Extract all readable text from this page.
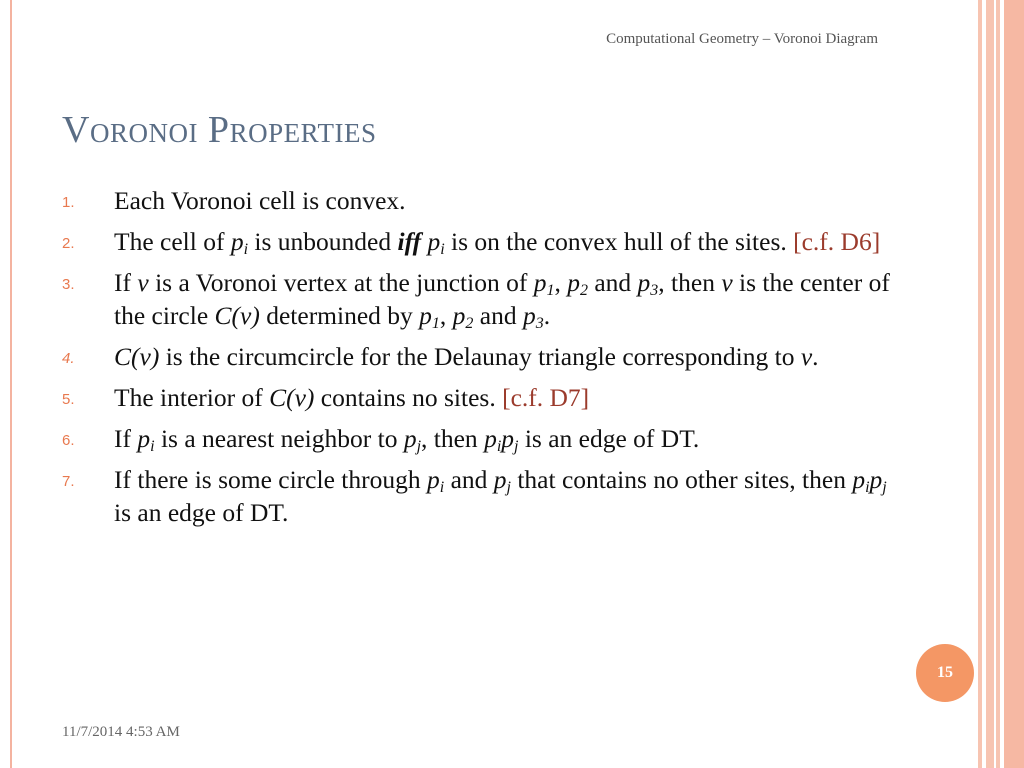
Computational Geometry – Voronoi Diagram
Voronoi Properties
1. Each Voronoi cell is convex.
2. The cell of $p_i$ is unbounded iff $p_i$ is on the convex hull of the sites. [c.f. D6]
3. If v is a Voronoi vertex at the junction of $p_1$, $p_2$ and $p_3$, then v is the center of the circle C(v) determined by $p_1$, $p_2$ and $p_3$.
4. C(v) is the circumcircle for the Delaunay triangle corresponding to v.
5. The interior of C(v) contains no sites. [c.f. D7]
6. If $p_i$ is a nearest neighbor to $p_j$, then $p_ip_j$ is an edge of DT.
7. If there is some circle through $p_i$ and $p_j$ that contains no other sites, then $p_ip_j$ is an edge of DT.
11/7/2014 4:53 AM
15
